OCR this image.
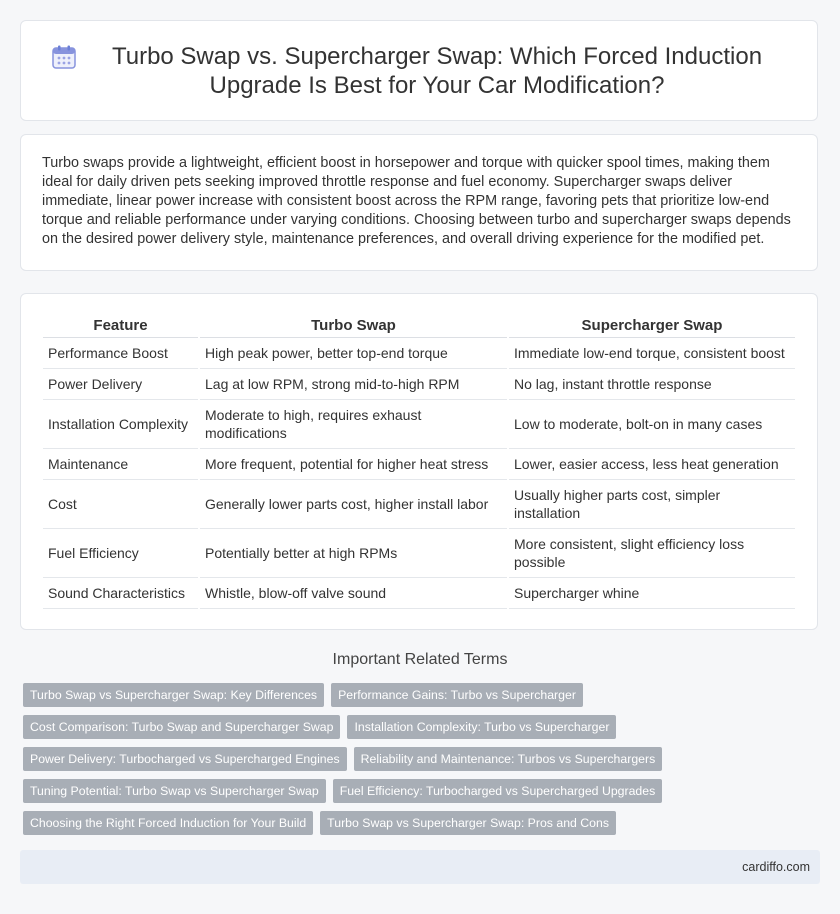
Turbo Swap vs. Supercharger Swap: Which Forced Induction Upgrade Is Best for Your Car Modification?
Turbo swaps provide a lightweight, efficient boost in horsepower and torque with quicker spool times, making them ideal for daily driven pets seeking improved throttle response and fuel economy. Supercharger swaps deliver immediate, linear power increase with consistent boost across the RPM range, favoring pets that prioritize low-end torque and reliable performance under varying conditions. Choosing between turbo and supercharger swaps depends on the desired power delivery style, maintenance preferences, and overall driving experience for the modified pet.
Feature	Turbo Swap	Supercharger Swap
Performance Boost	High peak power, better top-end torque	Immediate low-end torque, consistent boost
Power Delivery	Lag at low RPM, strong mid-to-high RPM	No lag, instant throttle response
Installation Complexity	Moderate to high, requires exhaust modifications	Low to moderate, bolt-on in many cases
Maintenance	More frequent, potential for higher heat stress	Lower, easier access, less heat generation
Cost	Generally lower parts cost, higher install labor	Usually higher parts cost, simpler installation
Fuel Efficiency	Potentially better at high RPMs	More consistent, slight efficiency loss possible
Sound Characteristics	Whistle, blow-off valve sound	Supercharger whine
Important Related Terms
Turbo Swap vs Supercharger Swap: Key Differences	Performance Gains: Turbo vs Supercharger
Cost Comparison: Turbo Swap and Supercharger Swap	Installation Complexity: Turbo vs Supercharger
Power Delivery: Turbocharged vs Supercharged Engines	Reliability and Maintenance: Turbos vs Superchargers
Tuning Potential: Turbo Swap vs Supercharger Swap	Fuel Efficiency: Turbocharged vs Supercharged Upgrades
Choosing the Right Forced Induction for Your Build	Turbo Swap vs Supercharger Swap: Pros and Cons
cardiffo.com
